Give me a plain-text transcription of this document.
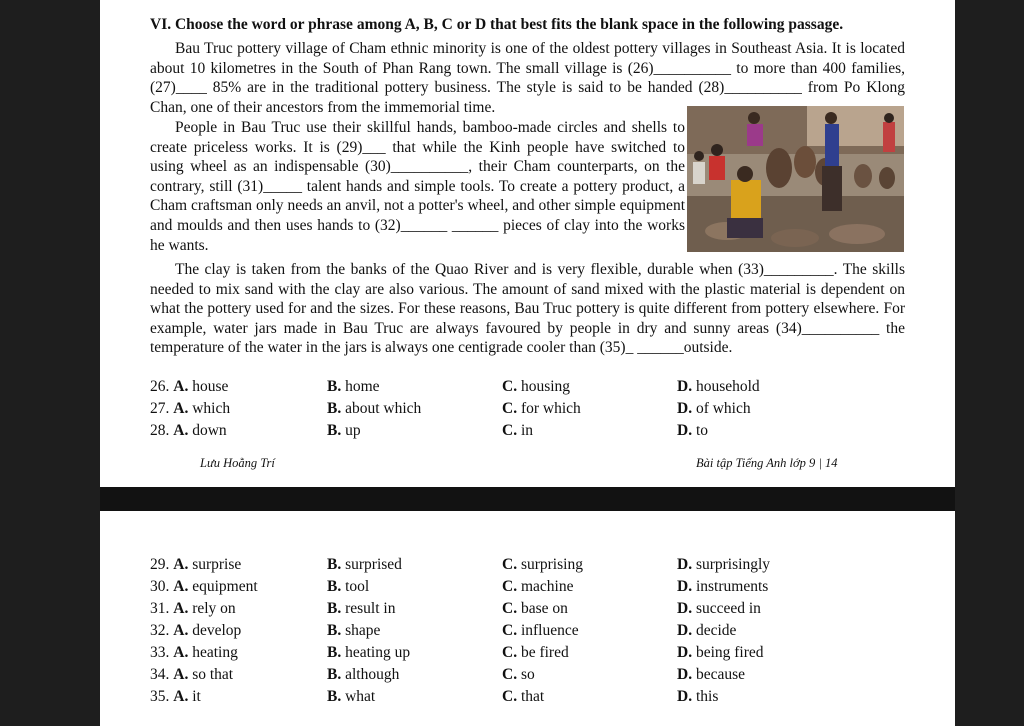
VI. Choose the word or phrase among A, B, C or D that best fits the blank space in the following passage.

Bau Truc pottery village of Cham ethnic minority is one of the oldest pottery villages in Southeast Asia. It is located about 10 kilometres in the South of Phan Rang town. The small village is (26)__________ to more than 400 families, (27)____ 85% are in the traditional pottery business. The style is said to be handed (28)__________ from Po Klong Chan, one of their ancestors from the immemorial time.

People in Bau Truc use their skillful hands, bamboo-made circles and shells to create priceless works. It is (29)___ that while the Kinh people have switched to using wheel as an indispensable (30)__________, their Cham counterparts, on the contrary, still (31)_____ talent hands and simple tools. To create a pottery product, a Cham craftsman only needs an anvil, not a potter's wheel, and other simple equipment and moulds and then uses hands to (32)______ ______ pieces of clay into the works he wants.

The clay is taken from the banks of the Quao River and is very flexible, durable when (33)_________. The skills needed to mix sand with the clay are also various. The amount of sand mixed with the plastic material is dependent on what the pottery used for and the sizes. For these reasons, Bau Truc pottery is quite different from pottery elsewhere. For example, water jars made in Bau Truc are always favoured by people in dry and sunny areas (34)__________ the temperature of the water in the jars is always one centigrade cooler than (35)_ ______outside.

26. A. house	B. home	C. housing	D. household
27. A. which	B. about which	C. for which	D. of which
28. A. down	B. up	C. in	D. to
Lưu Hoằng Trí	Bài tập Tiếng Anh lớp 9 | 14
29. A. surprise	B. surprised	C. surprising	D. surprisingly
30. A. equipment	B. tool	C. machine	D. instruments
31. A. rely on	B. result in	C. base on	D. succeed in
32. A. develop	B. shape	C. influence	D. decide
33. A. heating	B. heating up	C. be fired	D. being fired
34. A. so that	B. although	C. so	D. because
35. A. it	B. what	C. that	D. this
